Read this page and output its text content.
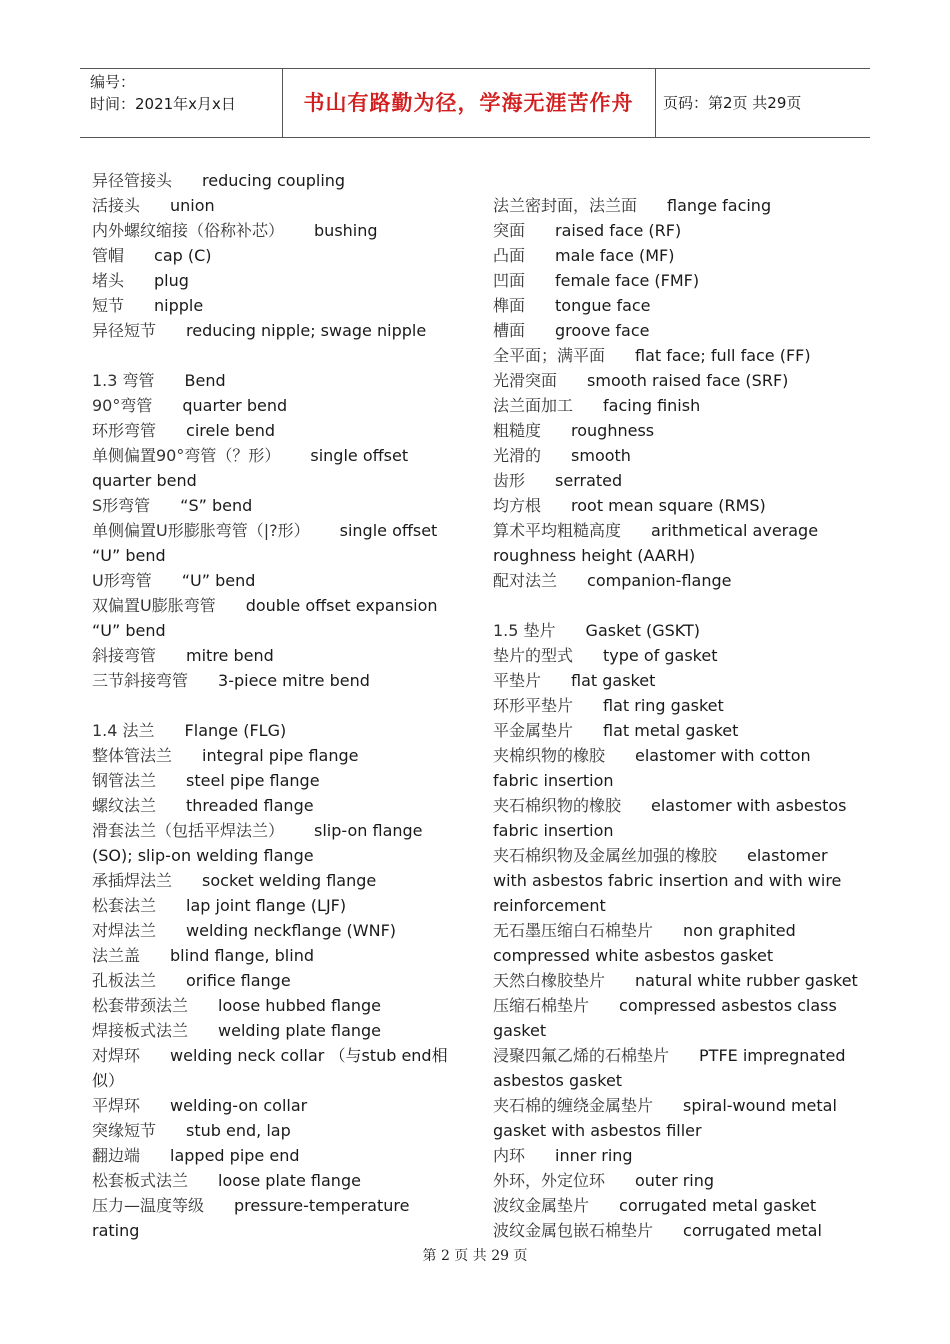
编号：
时间：2021年x月x日	书山有路勤为径，学海无涯苦作舟	页码：第2页 共29页
异径管接头 reducing coupling
活接头 union
内外螺纹缩接（俗称补芯） bushing
管帽 cap (C)
堵头 plug
短节 nipple
异径短节 reducing nipple; swage nipple
1.3 弯管 Bend
90°弯管 quarter bend
环形弯管 cirele bend
单侧偏置90°弯管（？形） single offset quarter bend
S形弯管 “S” bend
单侧偏置U形膨胀弯管（|?形） single offset “U” bend
U形弯管 “U” bend
双偏置U膨胀弯管 double offset expansion “U” bend
斜接弯管 mitre bend
三节斜接弯管 3-piece mitre bend
1.4 法兰 Flange (FLG)
整体管法兰 integral pipe flange
钢管法兰 steel pipe flange
螺纹法兰 threaded flange
滑套法兰（包括平焊法兰） slip-on flange (SO); slip-on welding flange
承插焊法兰 socket welding flange
松套法兰 lap joint flange (LJF)
对焊法兰 welding neckflange (WNF)
法兰盖 blind flange, blind
孔板法兰 orifice flange
松套带颈法兰 loose hubbed flange
焊接板式法兰 welding plate flange
对焊环 welding neck collar （与stub end相似）
平焊环 welding-on collar
突缘短节 stub end, lap
翻边端 lapped pipe end
松套板式法兰 loose plate flange
压力—温度等级 pressure-temperature rating
法兰密封面，法兰面 flange facing
突面 raised face (RF)
凸面 male face (MF)
凹面 female face (FMF)
榫面 tongue face
槽面 groove face
全平面；满平面 flat face; full face (FF)
光滑突面 smooth raised face (SRF)
法兰面加工 facing finish
粗糙度 roughness
光滑的 smooth
齿形 serrated
均方根 root mean square (RMS)
算术平均粗糙高度 arithmetical average roughness height (AARH)
配对法兰 companion-flange
1.5 垫片 Gasket (GSKT)
垫片的型式 type of gasket
平垫片 flat gasket
环形平垫片 flat ring gasket
平金属垫片 flat metal gasket
夹棉织物的橡胶 elastomer with cotton fabric insertion
夹石棉织物的橡胶 elastomer with asbestos fabric insertion
夹石棉织物及金属丝加强的橡胶 elastomer with asbestos fabric insertion and with wire reinforcement
无石墨压缩白石棉垫片 non graphited compressed white asbestos gasket
天然白橡胶垫片 natural white rubber gasket
压缩石棉垫片 compressed asbestos class gasket
浸聚四氟乙烯的石棉垫片 PTFE impregnated asbestos gasket
夹石棉的缠绕金属垫片 spiral-wound metal gasket with asbestos filler
内环 inner ring
外环，外定位环 outer ring
波纹金属垫片 corrugated metal gasket
波纹金属包嵌石棉垫片 corrugated metal
第 2 页 共 29 页
